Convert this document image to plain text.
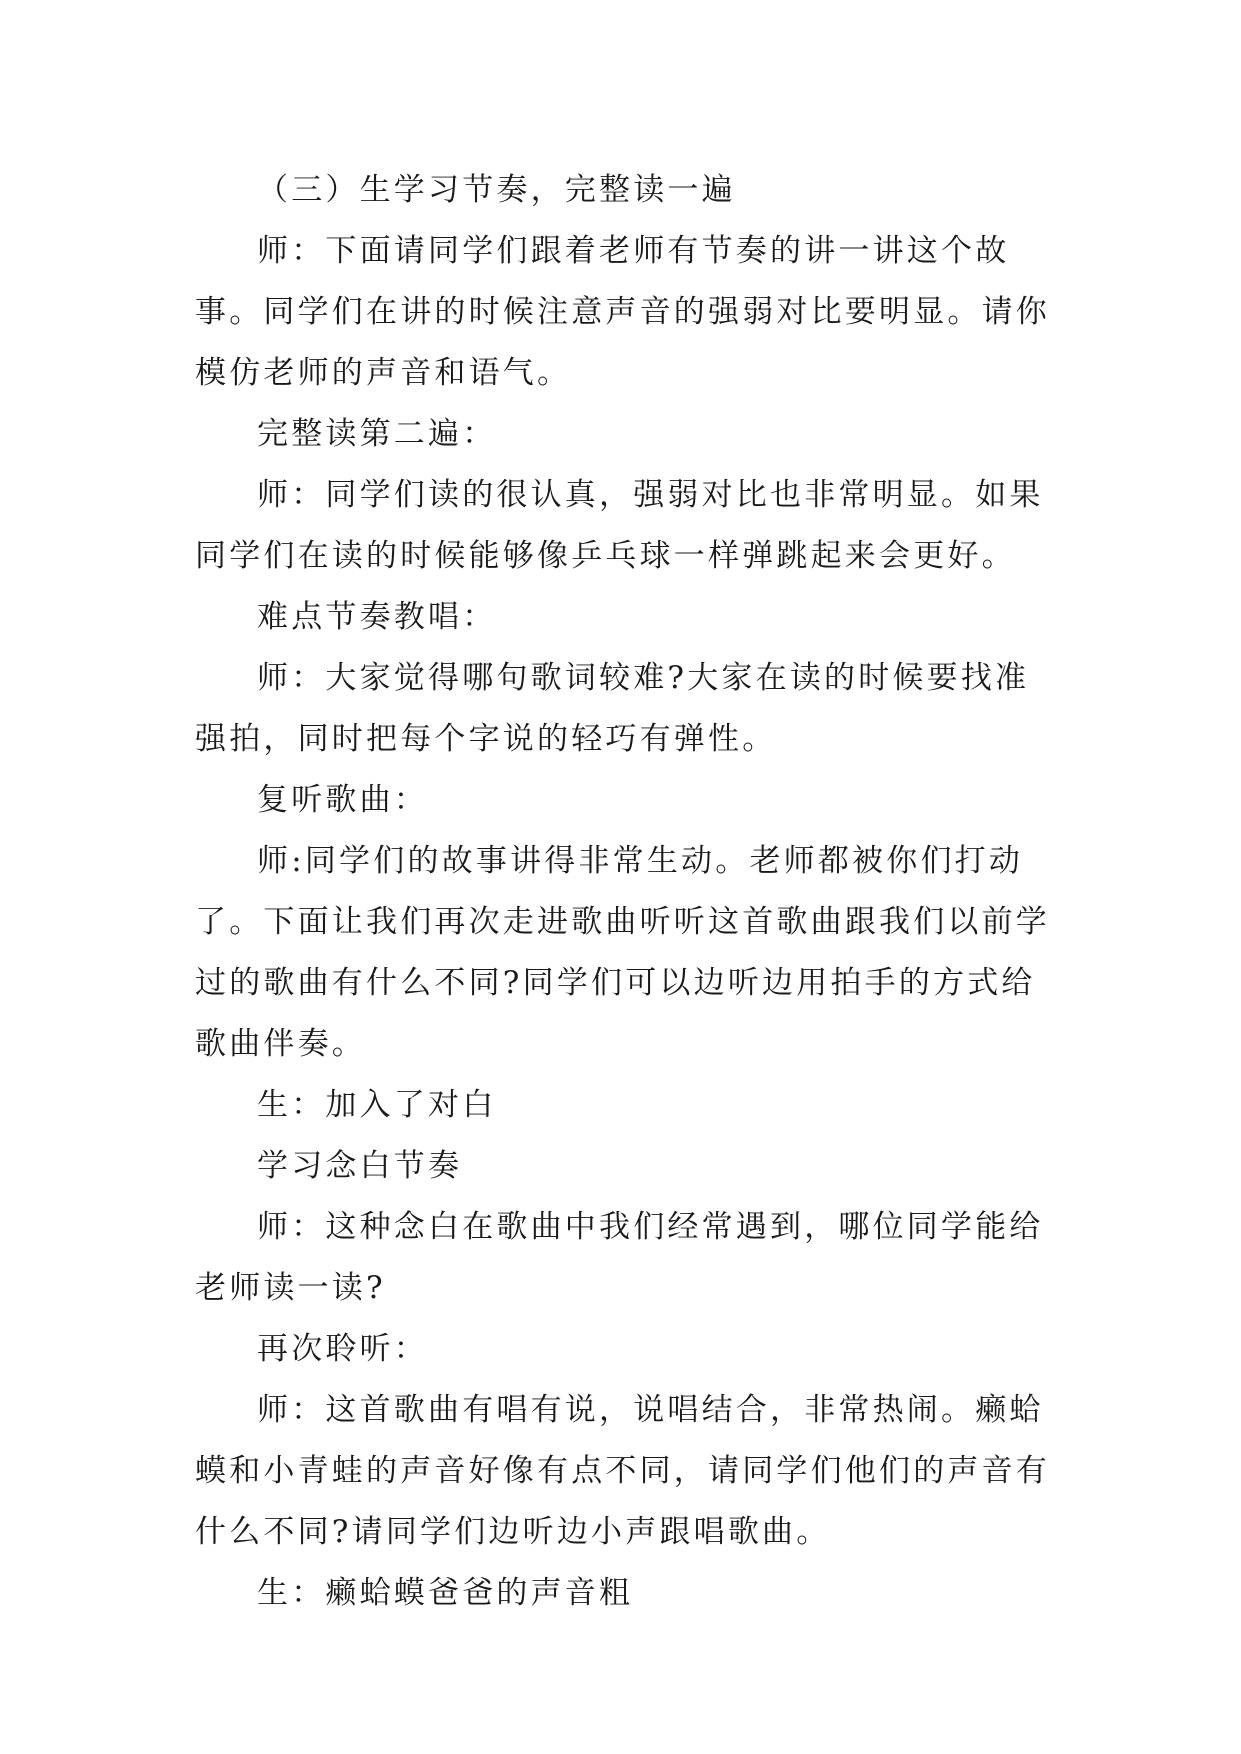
（三）生学习节奏，完整读一遍

师：下面请同学们跟着老师有节奏的讲一讲这个故事。同学们在讲的时候注意声音的强弱对比要明显。请你模仿老师的声音和语气。

完整读第二遍：

师：同学们读的很认真，强弱对比也非常明显。如果同学们在读的时候能够像乒乓球一样弹跳起来会更好。

难点节奏教唱：

师：大家觉得哪句歌词较难?大家在读的时候要找准强拍，同时把每个字说的轻巧有弹性。

复听歌曲：

师:同学们的故事讲得非常生动。老师都被你们打动了。下面让我们再次走进歌曲听听这首歌曲跟我们以前学过的歌曲有什么不同?同学们可以边听边用拍手的方式给歌曲伴奏。

生：加入了对白

学习念白节奏

师：这种念白在歌曲中我们经常遇到，哪位同学能给老师读一读?

再次聆听：

师：这首歌曲有唱有说，说唱结合，非常热闹。癞蛤蟆和小青蛙的声音好像有点不同，请同学们他们的声音有什么不同?请同学们边听边小声跟唱歌曲。

生：癞蛤蟆爸爸的声音粗
